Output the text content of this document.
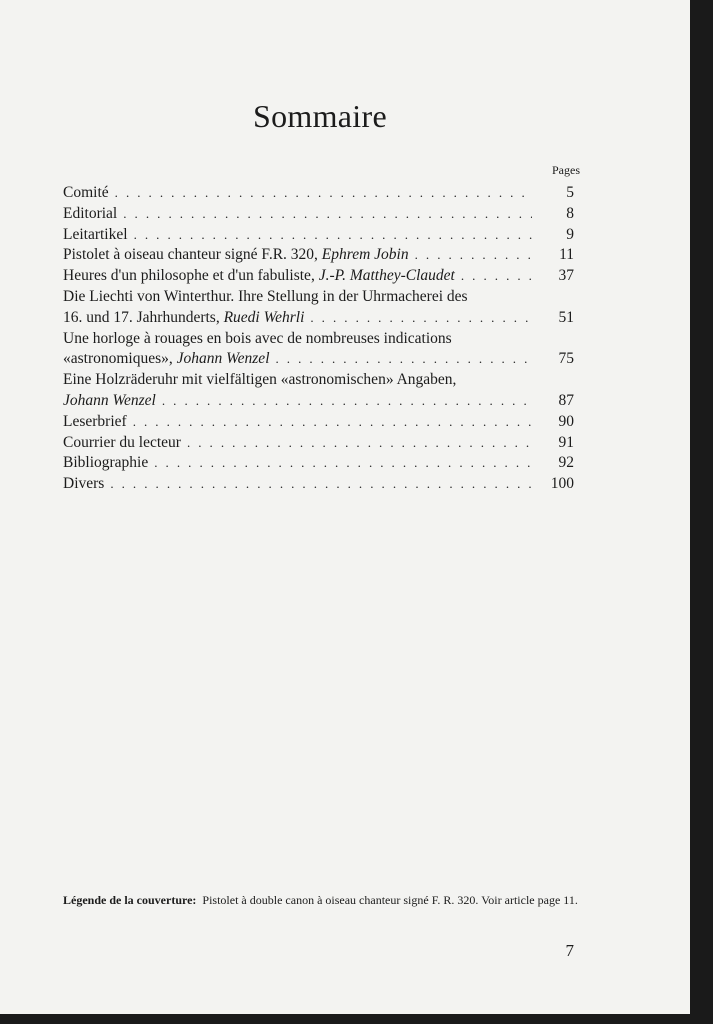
Sommaire
Pages
Comité . . .	5
Editorial . . .	8
Leitartikel . . .	9
Pistolet à oiseau chanteur signé F.R. 320, Ephrem Jobin . . .	11
Heures d'un philosophe et d'un fabuliste, J.-P. Matthey-Claudet . . .	37
Die Liechti von Winterthur. Ihre Stellung in der Uhrmacherei des
16. und 17. Jahrhunderts, Ruedi Wehrli . . .	51
Une horloge à rouages en bois avec de nombreuses indications
«astronomiques», Johann Wenzel . . .	75
Eine Holzräderuhr mit vielfältigen «astronomischen» Angaben,
Johann Wenzel . . .	87
Leserbrief . . .	90
Courrier du lecteur . . .	91
Bibliographie . . .	92
Divers . . .	100
Légende de la couverture: Pistolet à double canon à oiseau chanteur signé F. R. 320. Voir article page 11.
7
